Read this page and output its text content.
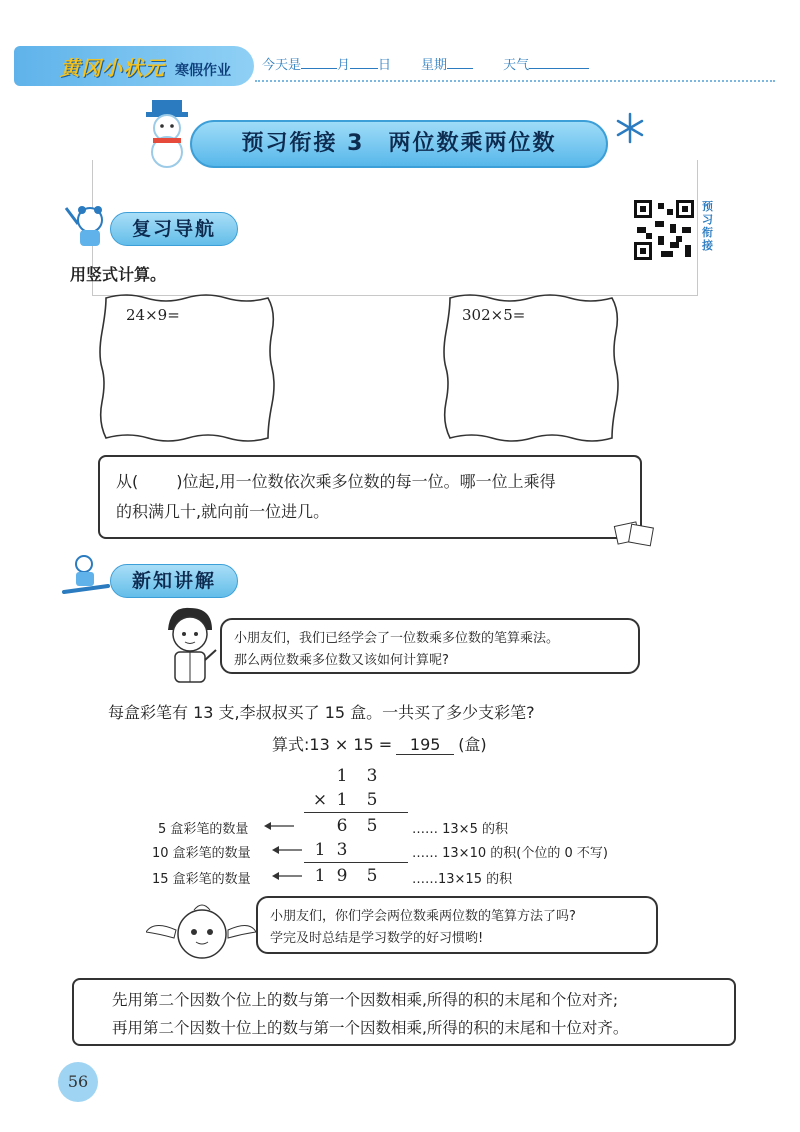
黄冈小状元 寒假作业 今天是	月 日 星期	天气
预习衔接 3　两位数乘两位数
复习导航
预习衔接
用竖式计算。
24×9=	302×5=
从( )位起,用一位数依次乘多位数的每一位。哪一位上乘得
的积满几十,就向前一位进几。
新知讲解
小朋友们，我们已经学会了一位数乘多位数的笔算乘法。
那么两位数乘多位数又该如何计算呢?
每盒彩笔有 13 支,李叔叔买了 15 盒。一共买了多少支彩笔?
算式:13 × 15 = 195 (盒)
1 3
× 1 5
5 盒彩笔的数量	6 5	…… 13×5 的积
10 盒彩笔的数量	1 3	…… 13×10 的积(个位的 0 不写)
15 盒彩笔的数量	1 9 5	……13×15 的积
小朋友们，你们学会两位数乘两位数的笔算方法了吗?
学完及时总结是学习数学的好习惯哟!

先用第二个因数个位上的数与第一个因数相乘,所得的积的末尾和个位对齐;

再用第二个因数十位上的数与第一个因数相乘,所得的积的末尾和十位对齐。

56
